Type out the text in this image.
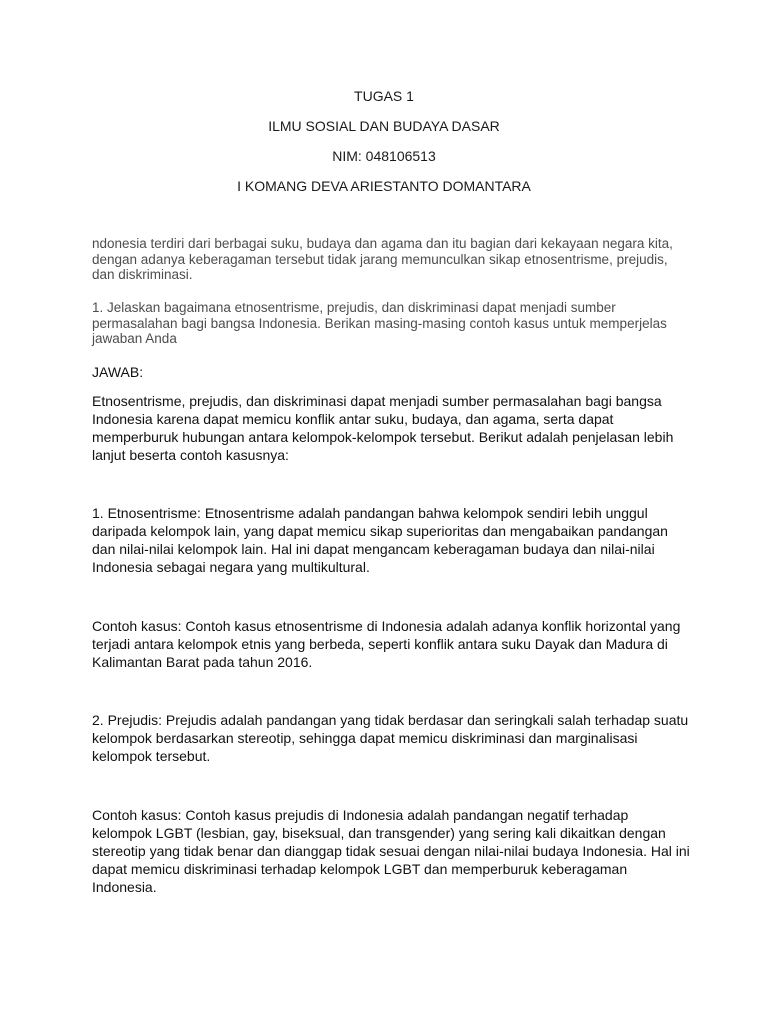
TUGAS 1
ILMU SOSIAL DAN BUDAYA DASAR
NIM: 048106513
I KOMANG DEVA ARIESTANTO DOMANTARA

ndonesia terdiri dari berbagai suku, budaya dan agama dan itu bagian dari kekayaan negara kita, dengan adanya keberagaman tersebut tidak jarang memunculkan sikap etnosentrisme, prejudis, dan diskriminasi.

1. Jelaskan bagaimana etnosentrisme, prejudis, dan diskriminasi dapat menjadi sumber permasalahan bagi bangsa Indonesia. Berikan masing-masing contoh kasus untuk memperjelas jawaban Anda

JAWAB:

Etnosentrisme, prejudis, dan diskriminasi dapat menjadi sumber permasalahan bagi bangsa Indonesia karena dapat memicu konflik antar suku, budaya, dan agama, serta dapat memperburuk hubungan antara kelompok-kelompok tersebut. Berikut adalah penjelasan lebih lanjut beserta contoh kasusnya:

1. Etnosentrisme: Etnosentrisme adalah pandangan bahwa kelompok sendiri lebih unggul daripada kelompok lain, yang dapat memicu sikap superioritas dan mengabaikan pandangan dan nilai-nilai kelompok lain. Hal ini dapat mengancam keberagaman budaya dan nilai-nilai Indonesia sebagai negara yang multikultural.

Contoh kasus: Contoh kasus etnosentrisme di Indonesia adalah adanya konflik horizontal yang terjadi antara kelompok etnis yang berbeda, seperti konflik antara suku Dayak dan Madura di Kalimantan Barat pada tahun 2016.

2. Prejudis: Prejudis adalah pandangan yang tidak berdasar dan seringkali salah terhadap suatu kelompok berdasarkan stereotip, sehingga dapat memicu diskriminasi dan marginalisasi kelompok tersebut.

Contoh kasus: Contoh kasus prejudis di Indonesia adalah pandangan negatif terhadap kelompok LGBT (lesbian, gay, biseksual, dan transgender) yang sering kali dikaitkan dengan stereotip yang tidak benar dan dianggap tidak sesuai dengan nilai-nilai budaya Indonesia. Hal ini dapat memicu diskriminasi terhadap kelompok LGBT dan memperburuk keberagaman Indonesia.
